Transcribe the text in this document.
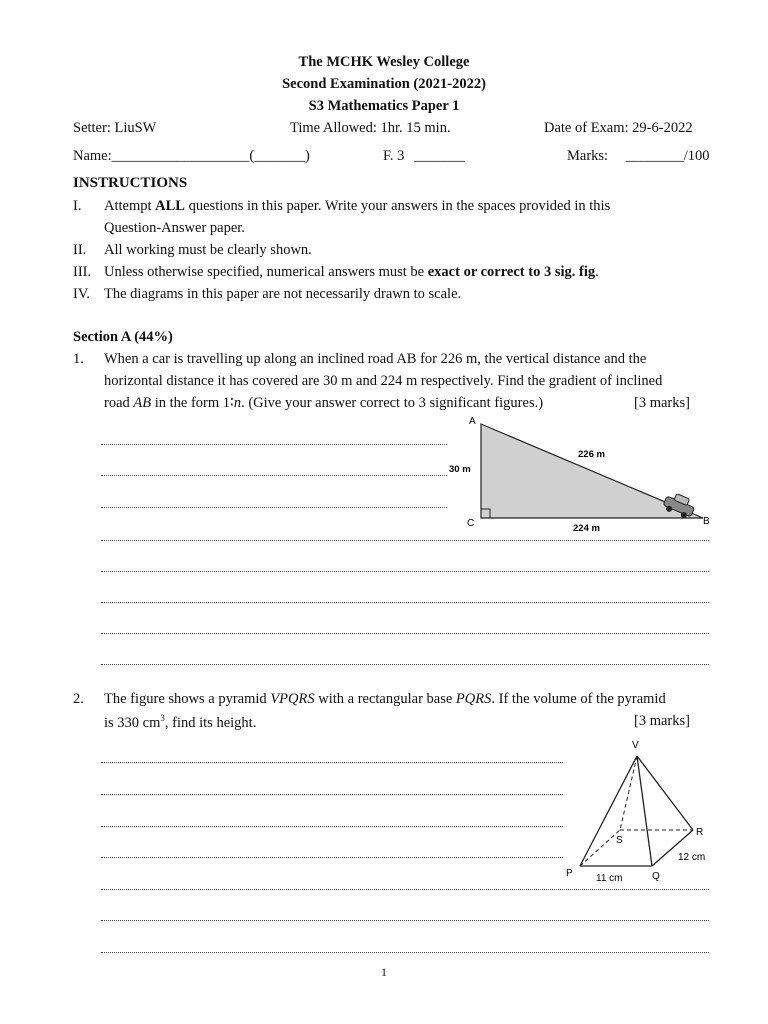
The MCHK Wesley College
Second Examination (2021-2022)
S3 Mathematics Paper 1
Setter: LiuSW	Time Allowed: 1hr. 15 min.	Date of Exam: 29-6-2022
Name:___________________(_______)	F. 3 _______	Marks: ________/100
INSTRUCTIONS
I. Attempt ALL questions in this paper. Write your answers in the spaces provided in this
Question-Answer paper.
II. All working must be clearly shown.
III. Unless otherwise specified, numerical answers must be exact or correct to 3 sig. fig.
IV. The diagrams in this paper are not necessarily drawn to scale.
Section A (44%)
1. When a car is travelling up along an inclined road AB for 226 m, the vertical distance and the
horizontal distance it has covered are 30 m and 224 m respectively. Find the gradient of inclined
road AB in the form 1∶n. (Give your answer correct to 3 significant figures.)	[3 marks]
A
B
C
226 m
30 m
224 m
2. The figure shows a pyramid VPQRS with a rectangular base PQRS. If the volume of the pyramid
is 330 $cm^3$, find its height.	[3 marks]
V
P	Q
R
S
11 cm
12 cm
1
